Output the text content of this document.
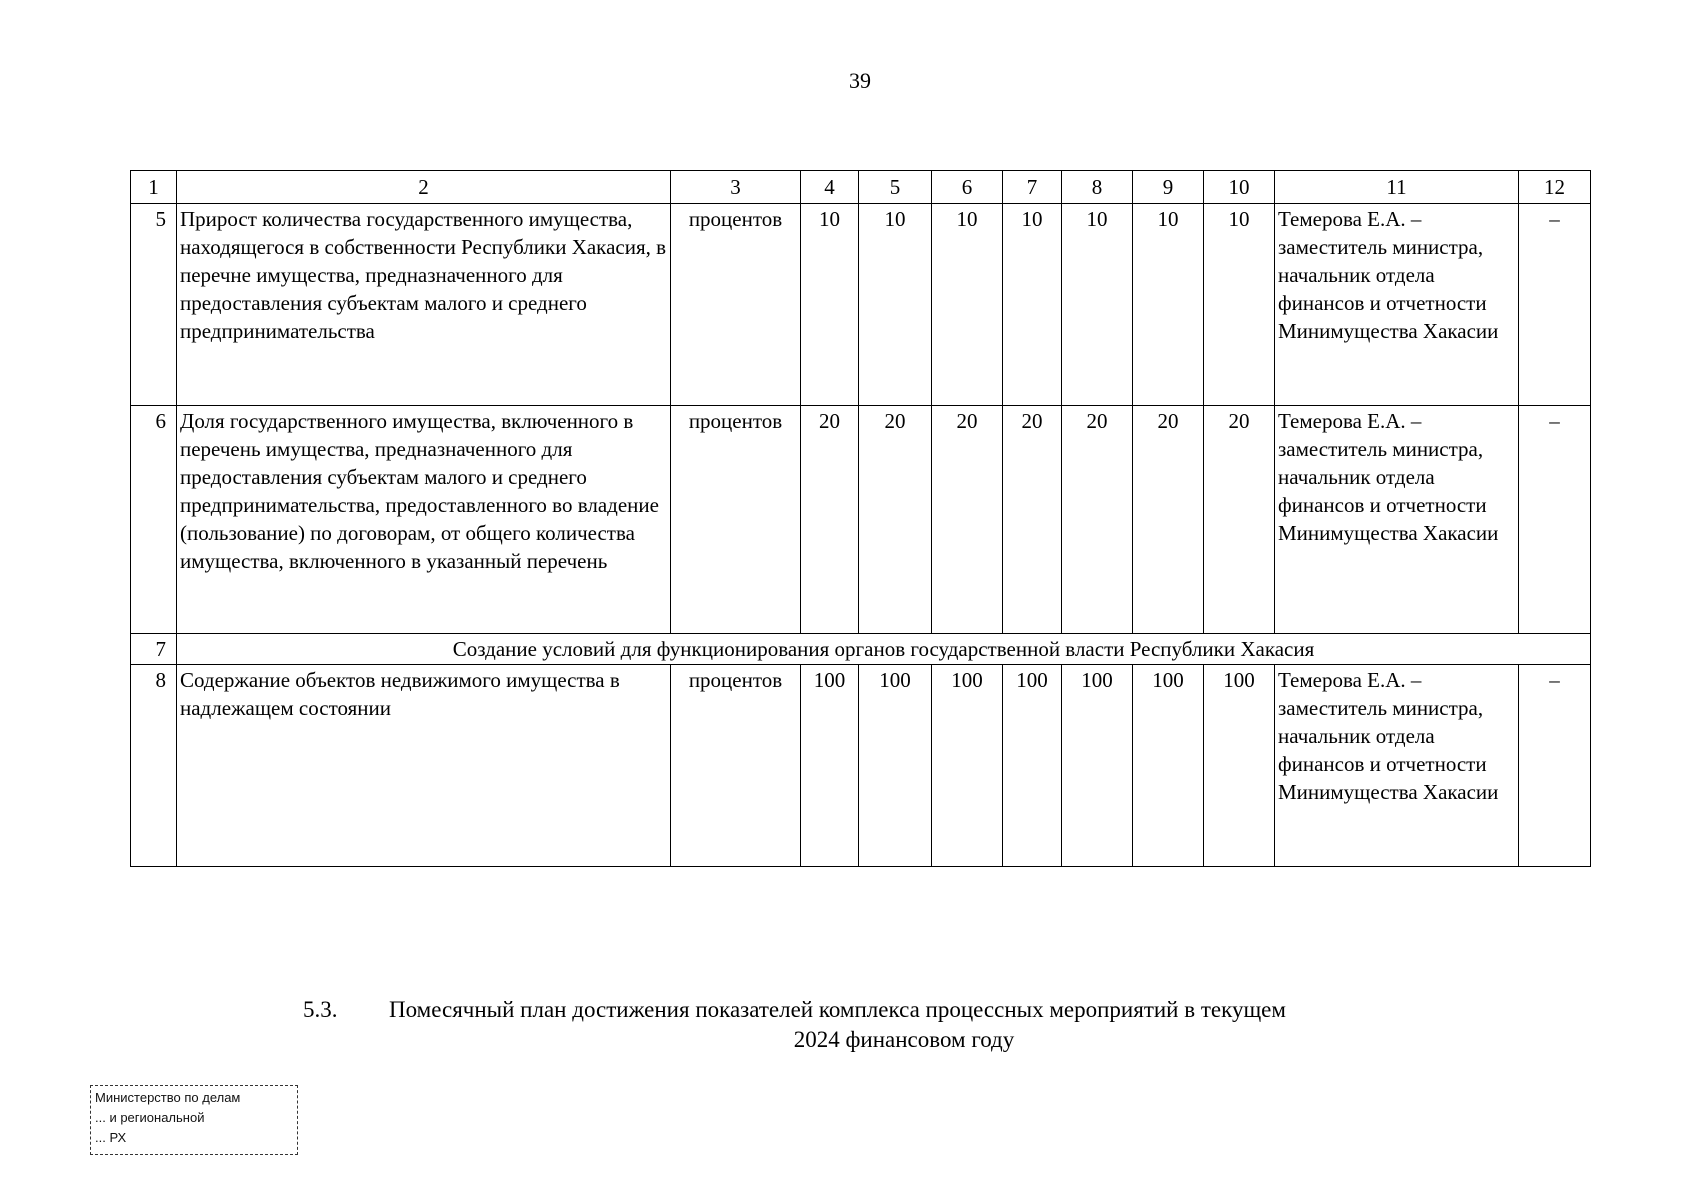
39
1	2	3	4	5	6	7	8	9	10	11	12
5	Прирост количества государственного имущества, находящегося в собственности Республики Хакасия, в перечне имущества, предназначенного для предоставления субъектам малого и среднего предпринимательства	процентов	10	10	10	10	10	10	10	Темерова Е.А. – заместитель министра, начальник отдела финансов и отчетности Минимущества Хакасии	–
6	Доля государственного имущества, включенного в перечень имущества, предназначенного для предоставления субъектам малого и среднего предпринимательства, предоставленного во владение (пользование) по договорам, от общего количества имущества, включенного в указанный перечень	процентов	20	20	20	20	20	20	20	Темерова Е.А. – заместитель министра, начальник отдела финансов и отчетности Минимущества Хакасии	–
7	Создание условий для функционирования органов государственной власти Республики Хакасия										
8	Содержание объектов недвижимого имущества в надлежащем состоянии	процентов	100	100	100	100	100	100	100	Темерова Е.А. – заместитель министра, начальник отдела финансов и отчетности Минимущества Хакасии	–
5.3. Помесячный план достижения показателей комплекса процессных мероприятий в текущем
2024 финансовом году
Министерство по делам
... и региональной
... РХ
